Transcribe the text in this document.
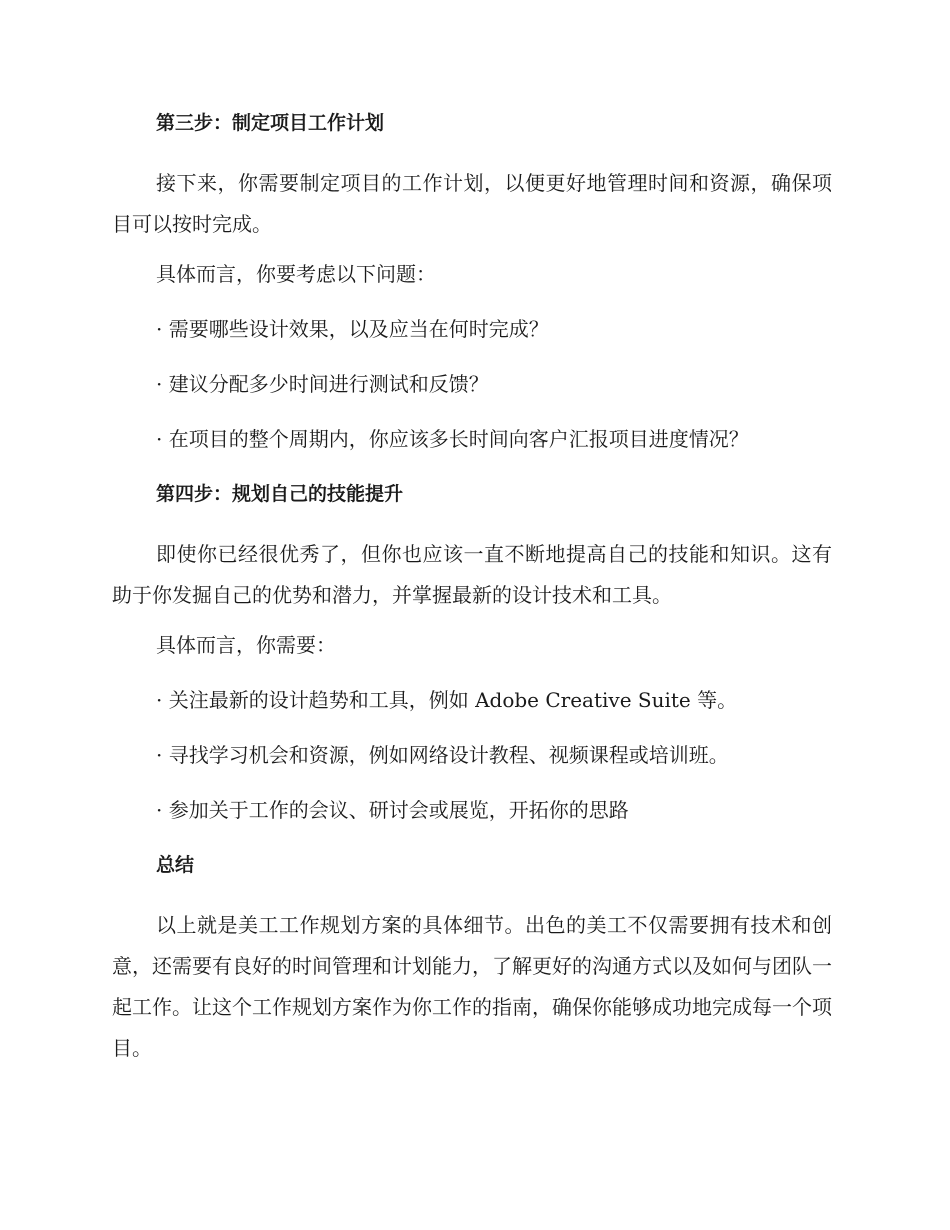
第三步：制定项目工作计划

接下来，你需要制定项目的工作计划，以便更好地管理时间和资源，确保项目可以按时完成。

具体而言，你要考虑以下问题：

· 需要哪些设计效果，以及应当在何时完成？

· 建议分配多少时间进行测试和反馈？

· 在项目的整个周期内，你应该多长时间向客户汇报项目进度情况？

第四步：规划自己的技能提升

即使你已经很优秀了，但你也应该一直不断地提高自己的技能和知识。这有助于你发掘自己的优势和潜力，并掌握最新的设计技术和工具。

具体而言，你需要：

· 关注最新的设计趋势和工具，例如 Adobe Creative Suite 等。

· 寻找学习机会和资源，例如网络设计教程、视频课程或培训班。

· 参加关于工作的会议、研讨会或展览，开拓你的思路

总结

以上就是美工工作规划方案的具体细节。出色的美工不仅需要拥有技术和创意，还需要有良好的时间管理和计划能力，了解更好的沟通方式以及如何与团队一起工作。让这个工作规划方案作为你工作的指南，确保你能够成功地完成每一个项目。
